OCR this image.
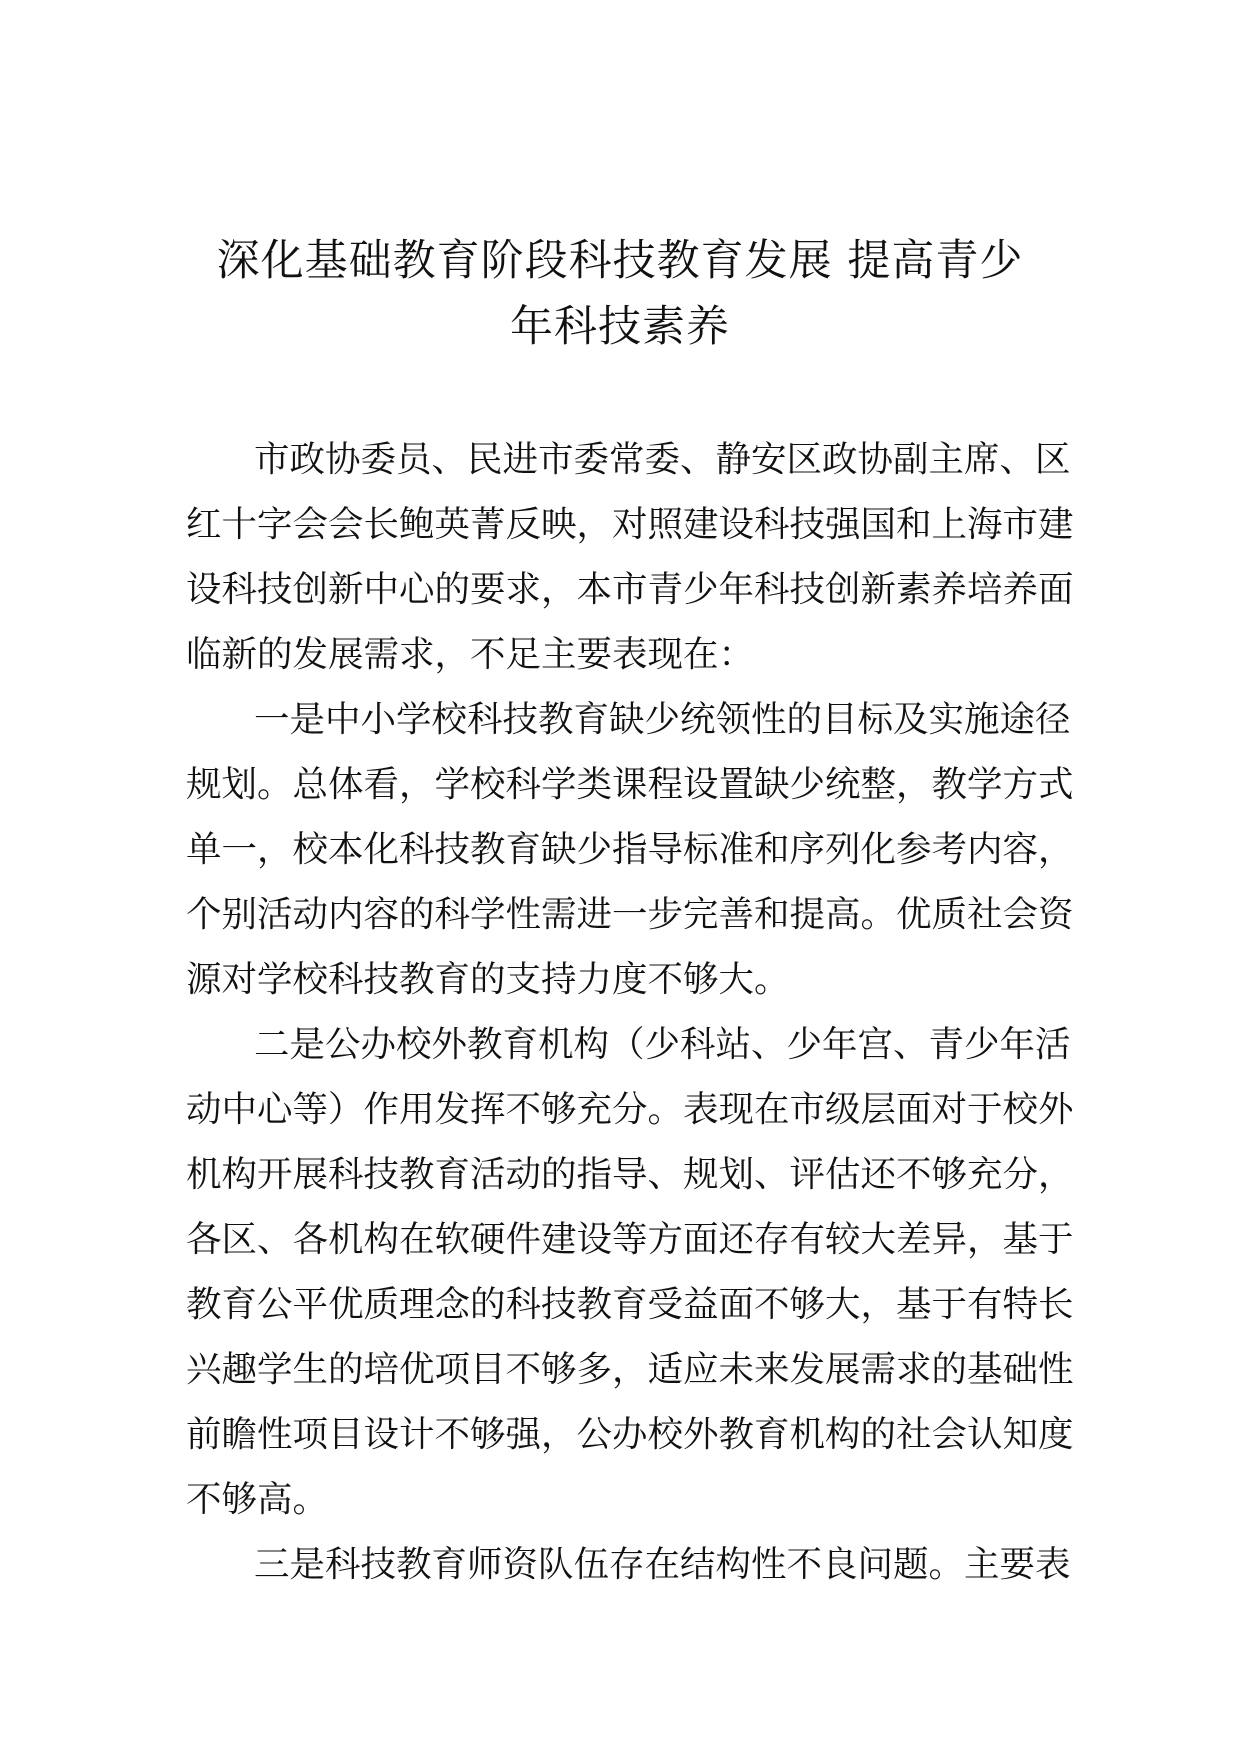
深化基础教育阶段科技教育发展 提高青少
年科技素养
市政协委员、民进市委常委、静安区政协副主席、区
红十字会会长鲍英菁反映，对照建设科技强国和上海市建
设科技创新中心的要求，本市青少年科技创新素养培养面
临新的发展需求，不足主要表现在：
一是中小学校科技教育缺少统领性的目标及实施途径
规划。总体看，学校科学类课程设置缺少统整，教学方式
单一，校本化科技教育缺少指导标准和序列化参考内容，
个别活动内容的科学性需进一步完善和提高。优质社会资
源对学校科技教育的支持力度不够大。
二是公办校外教育机构（少科站、少年宫、青少年活
动中心等）作用发挥不够充分。表现在市级层面对于校外
机构开展科技教育活动的指导、规划、评估还不够充分，
各区、各机构在软硬件建设等方面还存有较大差异，基于
教育公平优质理念的科技教育受益面不够大，基于有特长
兴趣学生的培优项目不够多，适应未来发展需求的基础性
前瞻性项目设计不够强，公办校外教育机构的社会认知度
不够高。
三是科技教育师资队伍存在结构性不良问题。主要表
